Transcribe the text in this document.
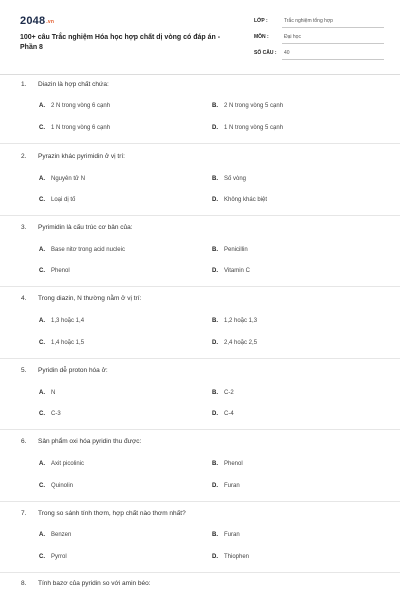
$2048^{.vn}$
100+ câu Trắc nghiệm Hóa học hợp chất dị vòng có đáp án - Phần 8
LỚP :	Trắc nghiệm tổng hợp
MÔN :	Đại học
SỐ CÂU :	40
1. Diazin là hợp chất chứa:
A. 2 N trong vòng 6 cạnh	B. 2 N trong vòng 5 cạnh
C. 1 N trong vòng 6 cạnh	D. 1 N trong vòng 5 cạnh
2. Pyrazin khác pyrimidin ở vị trí:
A. Nguyên tử N	B. Số vòng
C. Loại dị tố	D. Không khác biệt
3. Pyrimidin là cấu trúc cơ bản của:
A. Base nitơ trong acid nucleic	B. Penicillin
C. Phenol	D. Vitamin C
4. Trong diazin, N thường nằm ở vị trí:
A. 1,3 hoặc 1,4	B. 1,2 hoặc 1,3
C. 1,4 hoặc 1,5	D. 2,4 hoặc 2,5
5. Pyridin dễ proton hóa ở:
A. N	B. C-2
C. C-3	D. C-4
6. Sản phẩm oxi hóa pyridin thu được:
A. Axit picolinic	B. Phenol
C. Quinolin	D. Furan
7. Trong so sánh tính thơm, hợp chất nào thơm nhất?
A. Benzen	B. Furan
C. Pyrrol	D. Thiophen
8. Tính bazơ của pyridin so với amin béo:
